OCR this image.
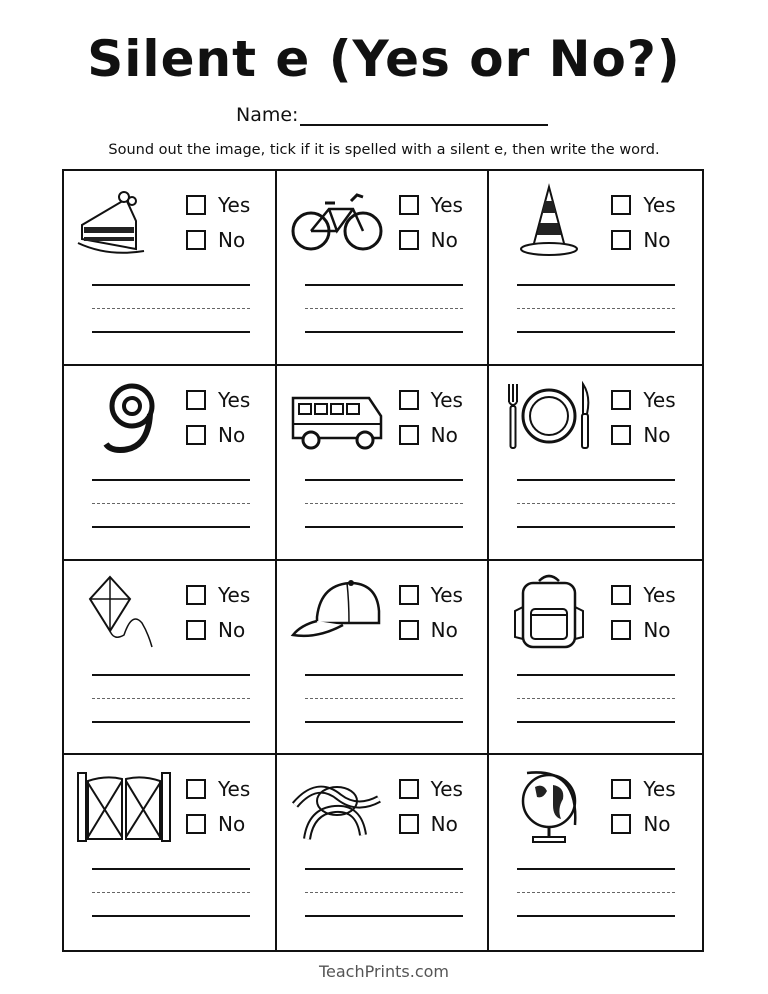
Silent e (Yes or No?)
Name:
Sound out the image, tick if it is spelled with a silent e, then write the word.
Yes
No
Yes
No
Yes
No
Yes
No
Yes
No
Yes
No
Yes
No
Yes
No
Yes
No
Yes
No
Yes
No
Yes
No
TeachPrints.com
